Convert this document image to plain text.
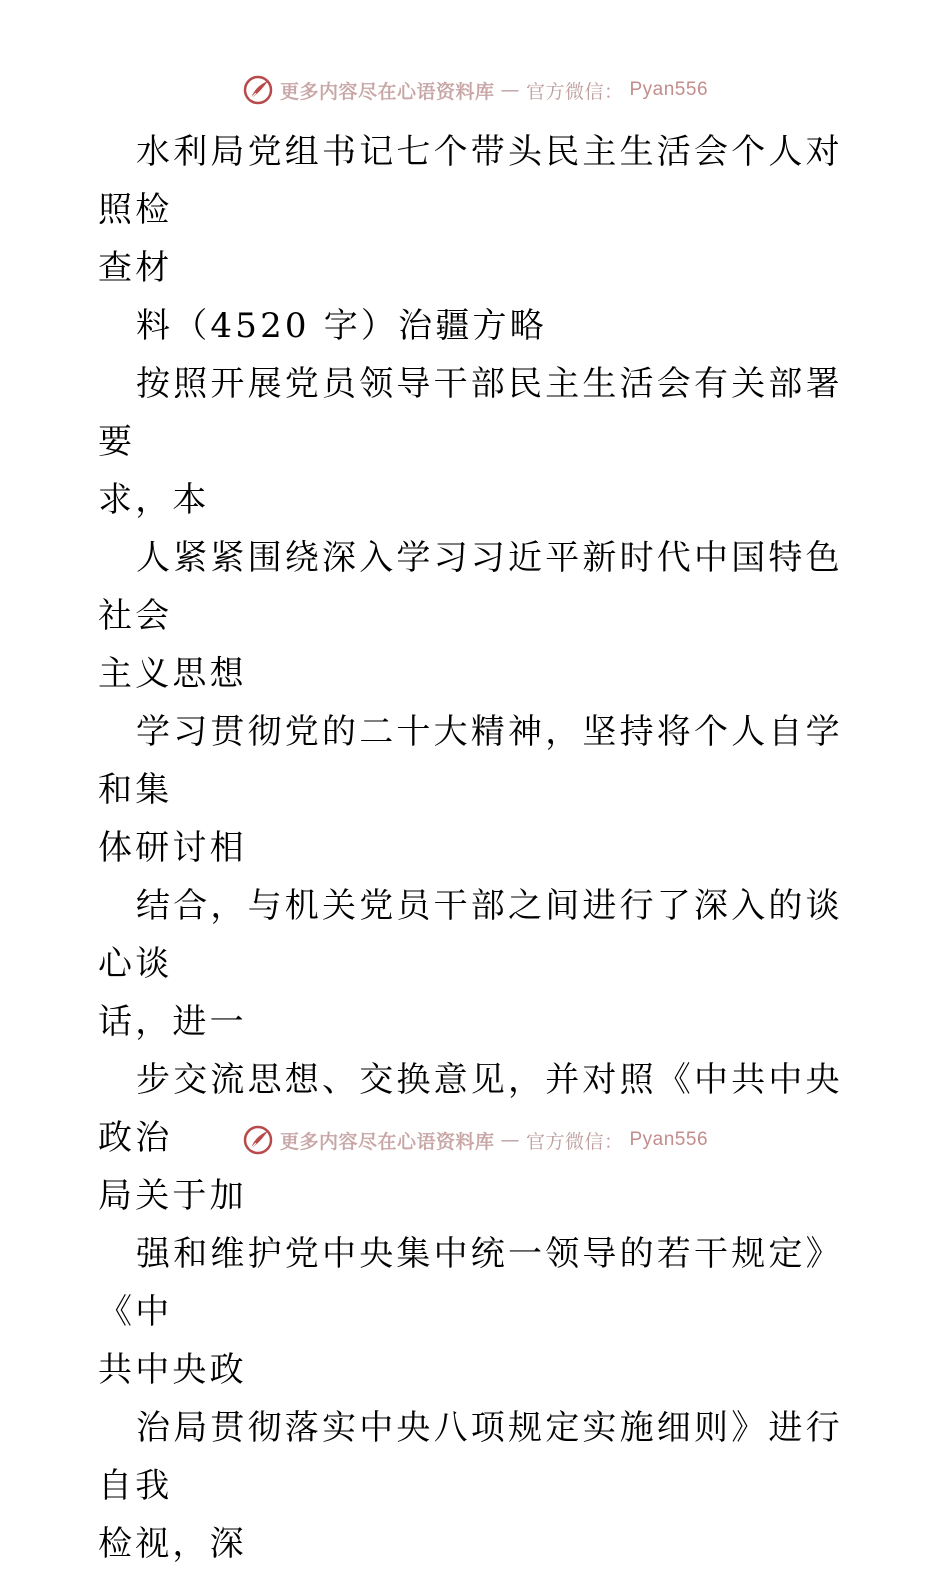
更多内容尽在心语资料库 — 官方微信： Pyan556

水利局党组书记七个带头民主生活会个人对照检
查材

料（4520 字）治疆方略

按照开展党员领导干部民主生活会有关部署要
求，本

人紧紧围绕深入学习习近平新时代中国特色社会
主义思想

学习贯彻党的二十大精神，坚持将个人自学和集
体研讨相

结合，与机关党员干部之间进行了深入的谈心谈
话，进一

步交流思想、交换意见，并对照《中共中央政治
局关于加

强和维护党中央集中统一领导的若干规定》《中
共中央政

治局贯彻落实中央八项规定实施细则》进行自我
检视，深

更多内容尽在心语资料库 — 官方微信： Pyan556
